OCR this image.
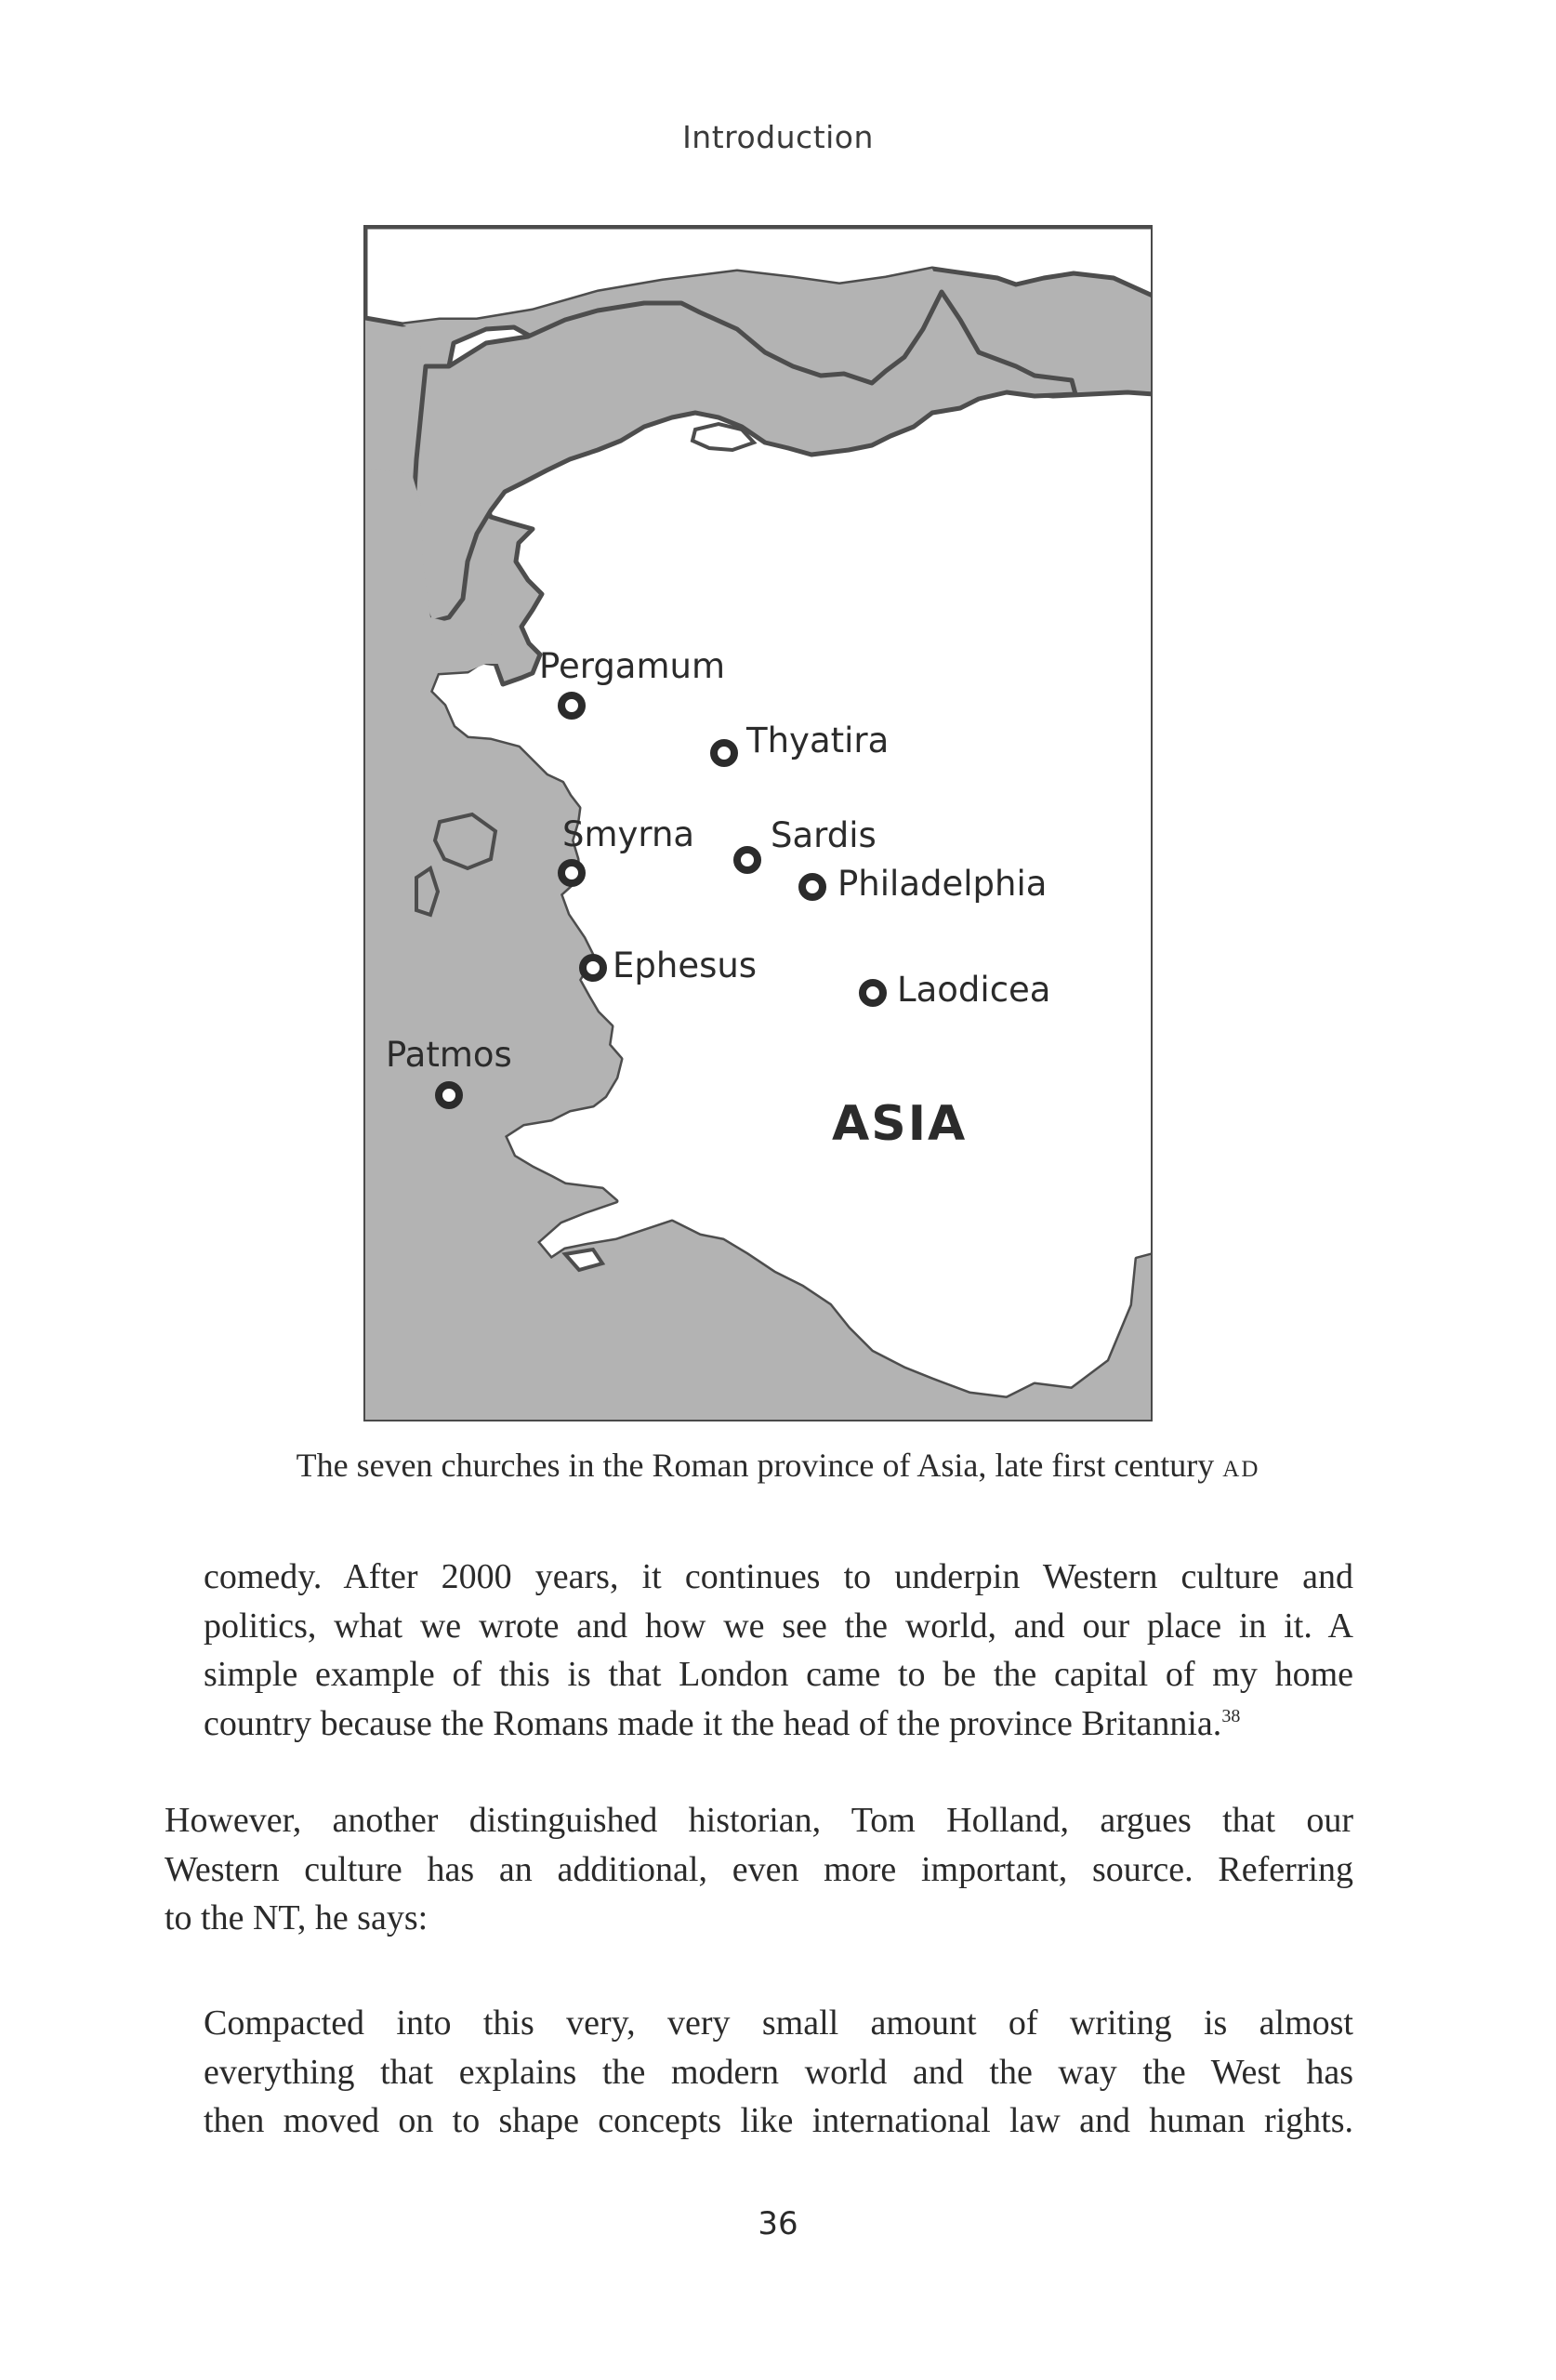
Introduction
Pergamum
Thyatira
Smyrna Sardis
Philadelphia
Ephesus
Laodicea
Patmos
ASIA
The seven churches in the Roman province of Asia, late first century AD
comedy. After 2000 years, it continues to underpin Western culture and
politics, what we wrote and how we see the world, and our place in it. A
simple example of this is that London came to be the capital of my home
country because the Romans made it the head of the province Britannia.$^{38}$
However, another distinguished historian, Tom Holland, argues that our
Western culture has an additional, even more important, source. Referring
to the NT, he says:
Compacted into this very, very small amount of writing is almost
everything that explains the modern world and the way the West has
then moved on to shape concepts like international law and human rights.
36
